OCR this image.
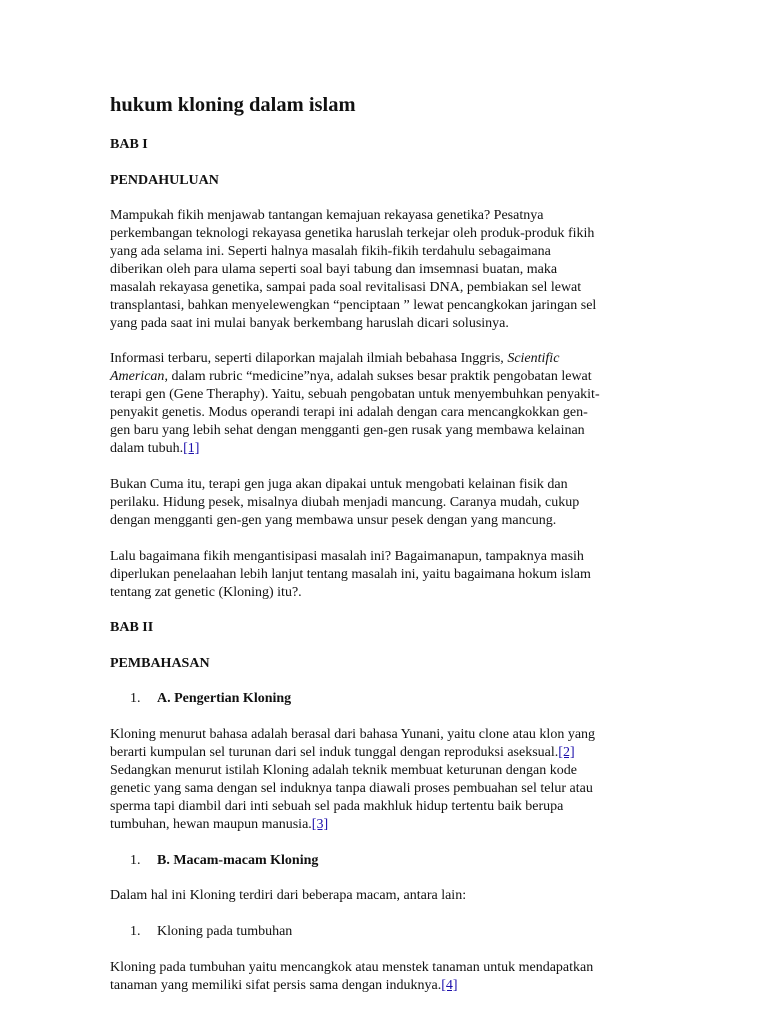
hukum kloning dalam islam

BAB I

PENDAHULUAN

Mampukah fikih menjawab tantangan kemajuan rekayasa genetika? Pesatnya
perkembangan teknologi rekayasa genetika haruslah terkejar oleh produk-produk fikih
yang ada selama ini. Seperti halnya masalah fikih-fikih terdahulu sebagaimana
diberikan oleh para ulama seperti soal bayi tabung dan imsemnasi buatan, maka
masalah rekayasa genetika, sampai pada soal revitalisasi DNA, pembiakan sel lewat
transplantasi, bahkan menyelewengkan “penciptaan ” lewat pencangkokan jaringan sel
yang pada saat ini mulai banyak berkembang haruslah dicari solusinya.
Informasi terbaru, seperti dilaporkan majalah ilmiah bebahasa Inggris, Scientific
American, dalam rubric “medicine”nya, adalah sukses besar praktik pengobatan lewat
terapi gen (Gene Theraphy). Yaitu, sebuah pengobatan untuk menyembuhkan penyakit-
penyakit genetis. Modus operandi terapi ini adalah dengan cara mencangkokkan gen-
gen baru yang lebih sehat dengan mengganti gen-gen rusak yang membawa kelainan
dalam tubuh.[1]
Bukan Cuma itu, terapi gen juga akan dipakai untuk mengobati kelainan fisik dan
perilaku. Hidung pesek, misalnya diubah menjadi mancung. Caranya mudah, cukup
dengan mengganti gen-gen yang membawa unsur pesek dengan yang mancung.
Lalu bagaimana fikih mengantisipasi masalah ini? Bagaimanapun, tampaknya masih
diperlukan penelaahan lebih lanjut tentang masalah ini, yaitu bagaimana hokum islam
tentang zat genetic (Kloning) itu?.

BAB II

PEMBAHASAN

1. A. Pengertian Kloning

Kloning menurut bahasa adalah berasal dari bahasa Yunani, yaitu clone atau klon yang
berarti kumpulan sel turunan dari sel induk tunggal dengan reproduksi aseksual.[2]
Sedangkan menurut istilah Kloning adalah teknik membuat keturunan dengan kode
genetic yang sama dengan sel induknya tanpa diawali proses pembuahan sel telur atau
sperma tapi diambil dari inti sebuah sel pada makhluk hidup tertentu baik berupa
tumbuhan, hewan maupun manusia.[3]

1. B. Macam-macam Kloning

Dalam hal ini Kloning terdiri dari beberapa macam, antara lain:

1. Kloning pada tumbuhan

Kloning pada tumbuhan yaitu mencangkok atau menstek tanaman untuk mendapatkan
tanaman yang memiliki sifat persis sama dengan induknya.[4]
